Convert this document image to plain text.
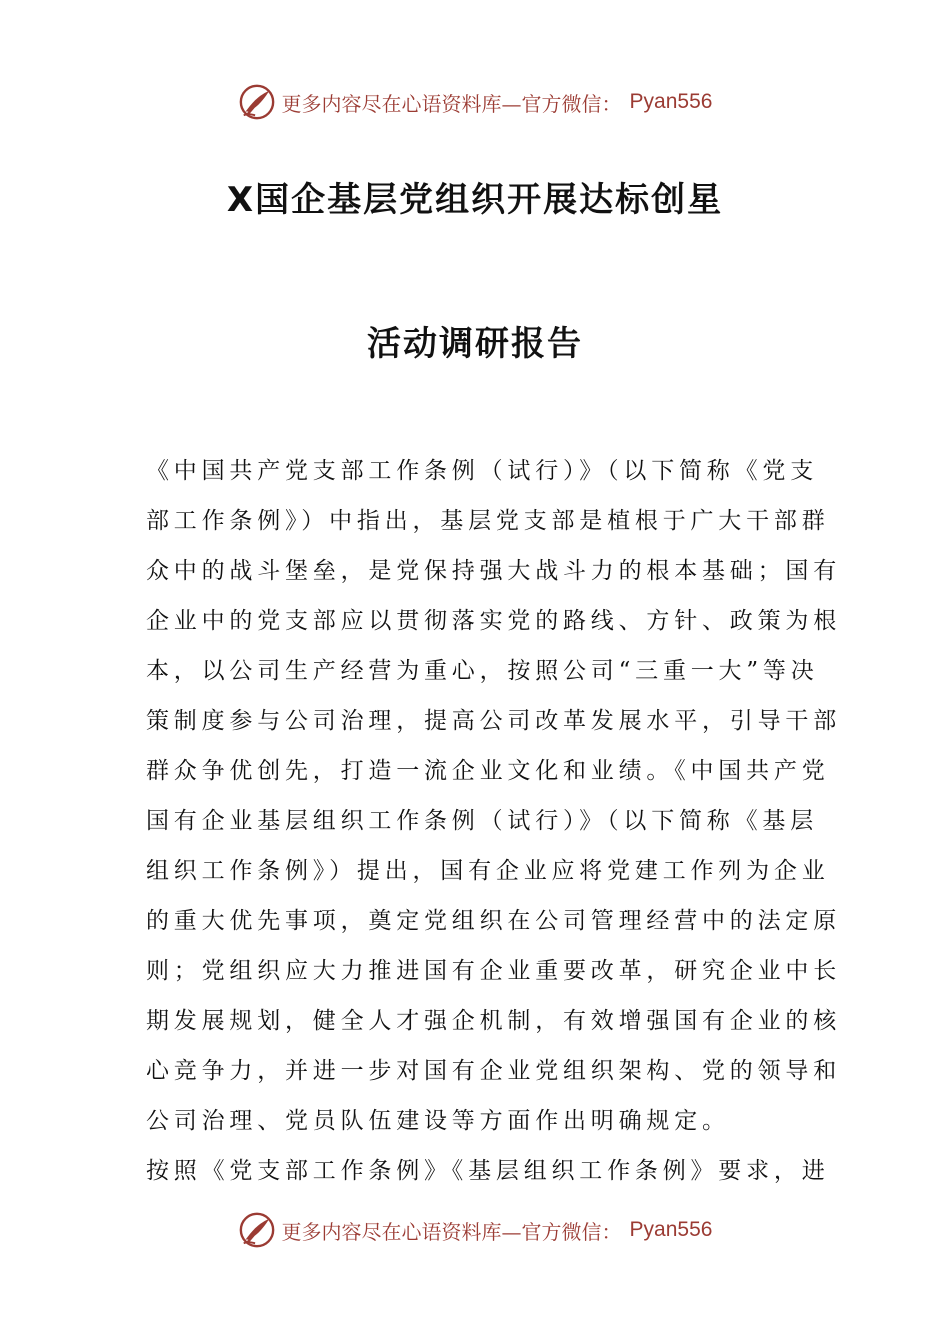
更多内容尽在心语资料库—官方微信： Pyan556
X国企基层党组织开展达标创星
活动调研报告

《中国共产党支部工作条例（试行）》（以下简称《党支
部工作条例》）中指出，基层党支部是植根于广大干部群
众中的战斗堡垒，是党保持强大战斗力的根本基础；国有
企业中的党支部应以贯彻落实党的路线、方针、政策为根
本，以公司生产经营为重心，按照公司“三重一大”等决
策制度参与公司治理，提高公司改革发展水平，引导干部
群众争优创先，打造一流企业文化和业绩。《中国共产党
国有企业基层组织工作条例（试行）》（以下简称《基层
组织工作条例》）提出，国有企业应将党建工作列为企业
的重大优先事项，奠定党组织在公司管理经营中的法定原
则；党组织应大力推进国有企业重要改革，研究企业中长
期发展规划，健全人才强企机制，有效增强国有企业的核
心竞争力，并进一步对国有企业党组织架构、党的领导和
公司治理、党员队伍建设等方面作出明确规定。
按照《党支部工作条例》《基层组织工作条例》要求，进

更多内容尽在心语资料库—官方微信： Pyan556
